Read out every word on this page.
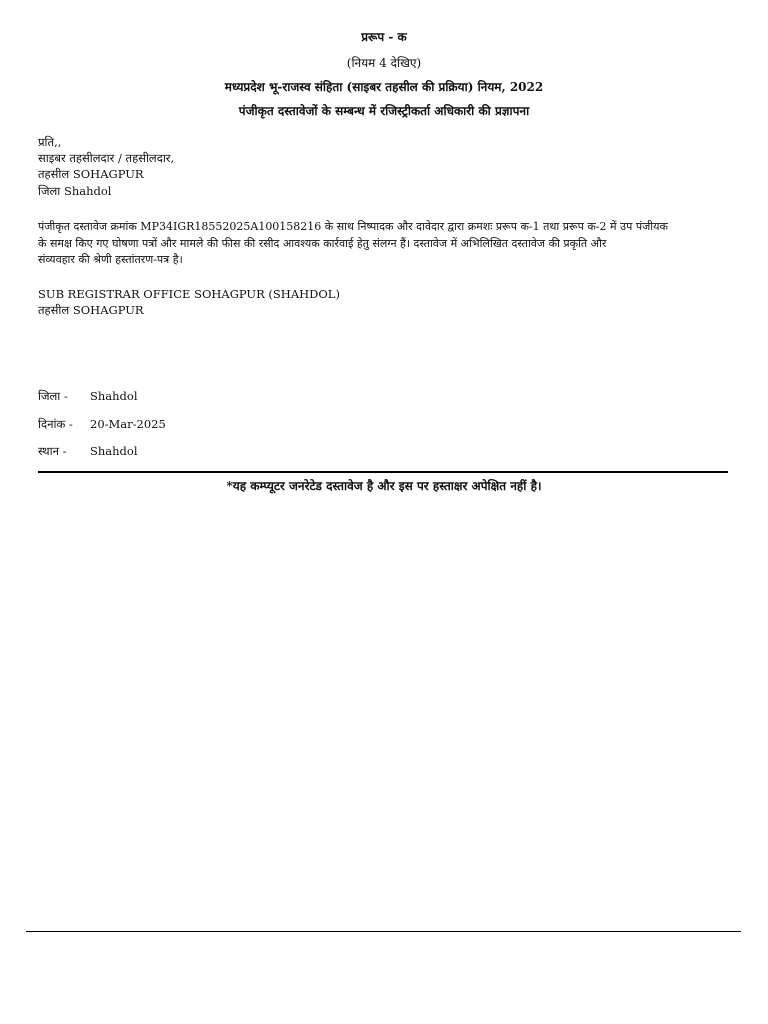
प्ररूप - क
(नियम 4 देखिए)
मध्यप्रदेश भू-राजस्व संहिता (साइबर तहसील की प्रक्रिया) नियम, 2022
पंजीकृत दस्तावेजों के सम्बन्ध में रजिस्ट्रीकर्ता अधिकारी की प्रज्ञापना
प्रति,,
साइबर तहसीलदार / तहसीलदार,
तहसील SOHAGPUR
जिला Shahdol
पंजीकृत दस्तावेज क्रमांक MP34IGR18552025A100158216 के साथ निष्पादक और दावेदार द्वारा क्रमशः प्ररूप क-1 तथा प्ररूप क-2 में उप पंजीयक
के समक्ष किए गए घोषणा पत्रों और मामले की फीस की रसीद आवश्यक कार्रवाई हेतु संलग्न हैं। दस्तावेज में अभिलिखित दस्तावेज की प्रकृति और
संव्यवहार की श्रेणी हस्तांतरण-पत्र है।
SUB REGISTRAR OFFICE SOHAGPUR (SHAHDOL)
तहसील SOHAGPUR
जिला - Shahdol
दिनांक - 20-Mar-2025
स्थान - Shahdol
*यह कम्प्यूटर जनरेटेड दस्तावेज है और इस पर हस्ताक्षर अपेक्षित नहीं है।
